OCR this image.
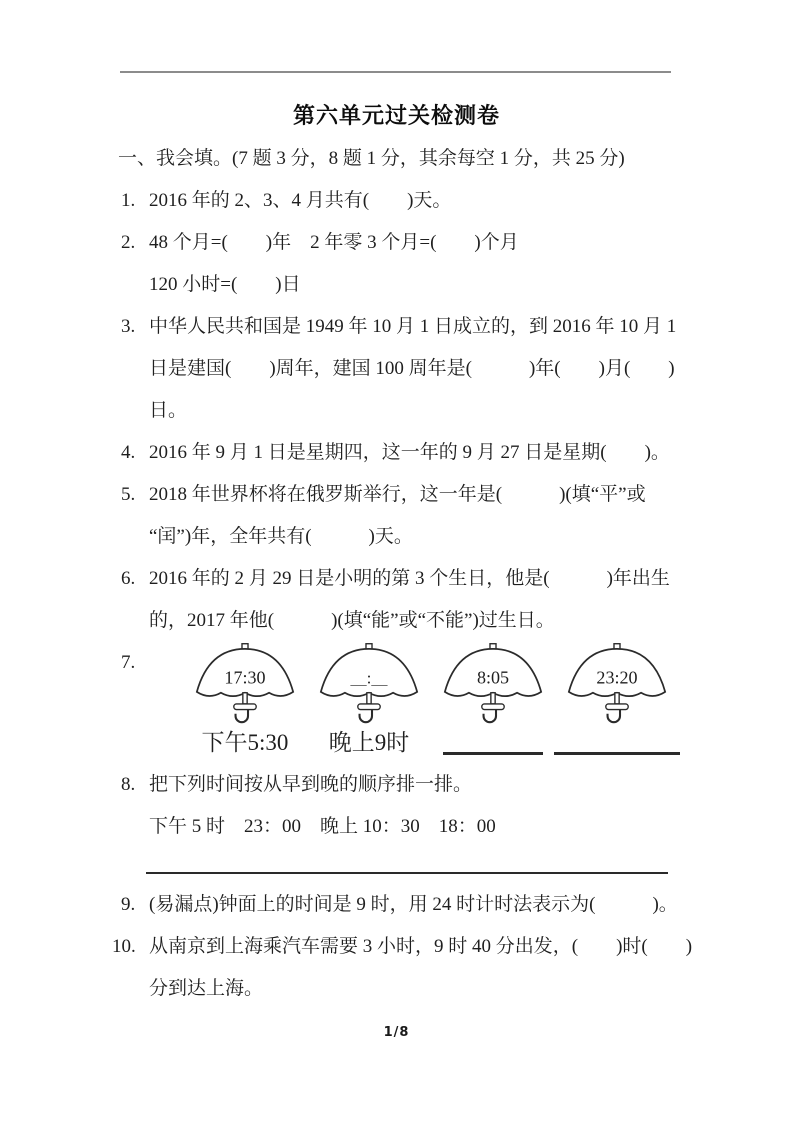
第六单元过关检测卷
一、我会填。(7 题 3 分，8 题 1 分，其余每空 1 分，共 25 分)
1. 2016 年的 2、3、4 月共有(　　)天。
2. 48 个月=(　　)年　2 年零 3 个月=(　　)个月
120 小时=(　　)日
3. 中华人民共和国是 1949 年 10 月 1 日成立的，到 2016 年 10 月 1
日是建国(　　)周年，建国 100 周年是(　　　)年(　　)月(　　)
日。
4. 2016 年 9 月 1 日是星期四，这一年的 9 月 27 日是星期(　　)。
5. 2018 年世界杯将在俄罗斯举行，这一年是(　　　)(填“平”或
“闰”)年，全年共有(　　　)天。
6. 2016 年的 2 月 29 日是小明的第 3 个生日，他是(　　　)年出生
的，2017 年他(　　　)(填“能”或“不能”)过生日。
7.
17:30
下午5:30
＿:＿
晚上9时
8:05	23:20
8. 把下列时间按从早到晚的顺序排一排。
下午 5 时　23：00　晚上 10：30　18：00
9. (易漏点)钟面上的时间是 9 时，用 24 时计时法表示为(　　　)。
10. 从南京到上海乘汽车需要 3 小时，9 时 40 分出发，(　　)时(　　)
分到达上海。
1/8
